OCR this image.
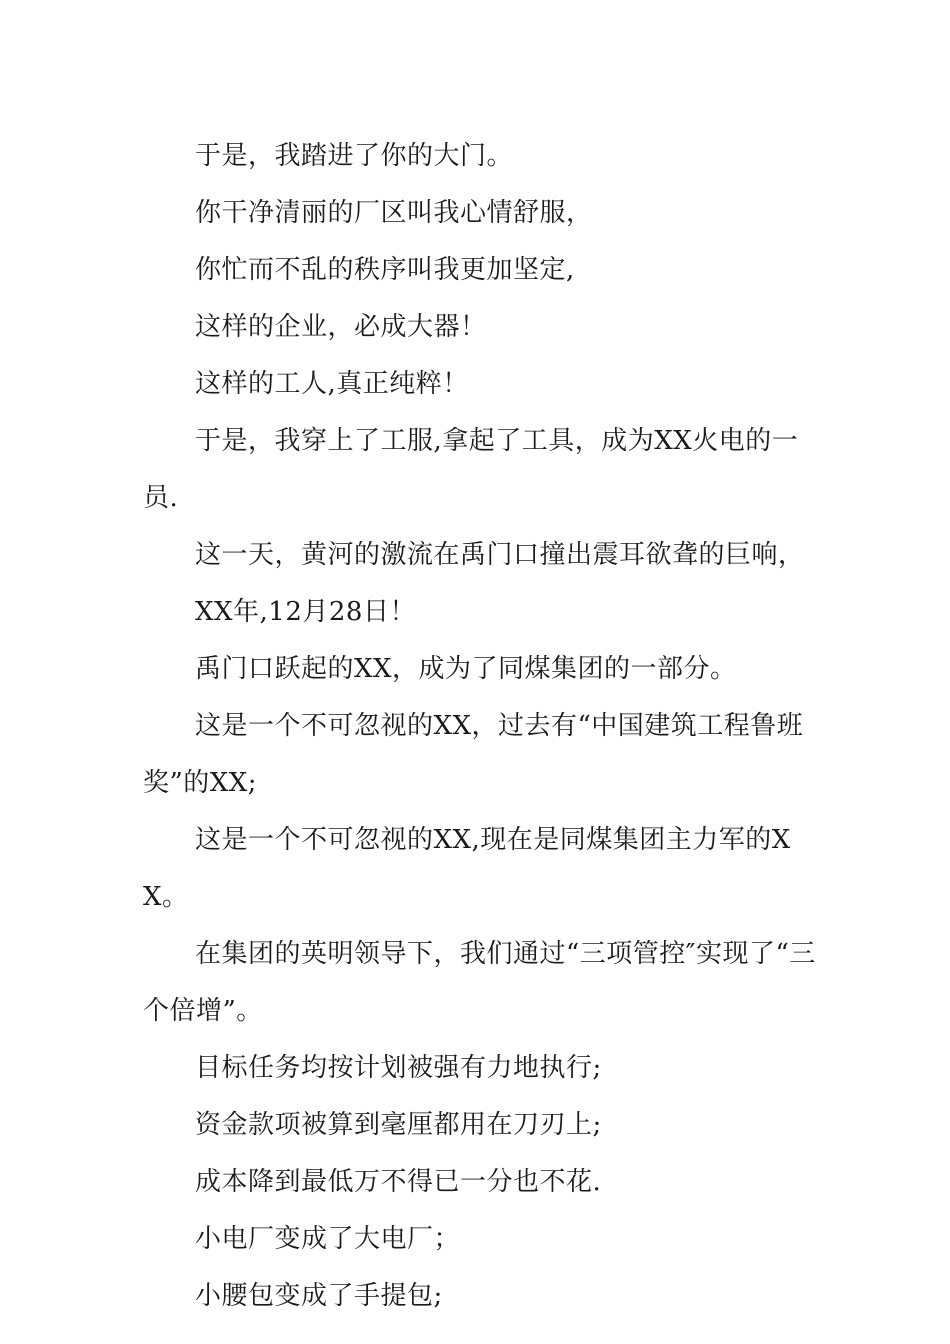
于是，我踏进了你的大门。

你干净清丽的厂区叫我心情舒服，

你忙而不乱的秩序叫我更加坚定,

这样的企业，必成大器！

这样的工人,真正纯粹！

于是，我穿上了工服,拿起了工具，成为XX火电的一员.

这一天，黄河的激流在禹门口撞出震耳欲聋的巨响，

XX年,12月28日！

禹门口跃起的XX，成为了同煤集团的一部分。

这是一个不可忽视的XX，过去有“中国建筑工程鲁班奖”的XX;

这是一个不可忽视的XX,现在是同煤集团主力军的XX。

在集团的英明领导下，我们通过“三项管控″实现了“三个倍增”。

目标任务均按计划被强有力地执行;

资金款项被算到毫厘都用在刀刃上;

成本降到最低万不得已一分也不花.

小电厂变成了大电厂；

小腰包变成了手提包;
